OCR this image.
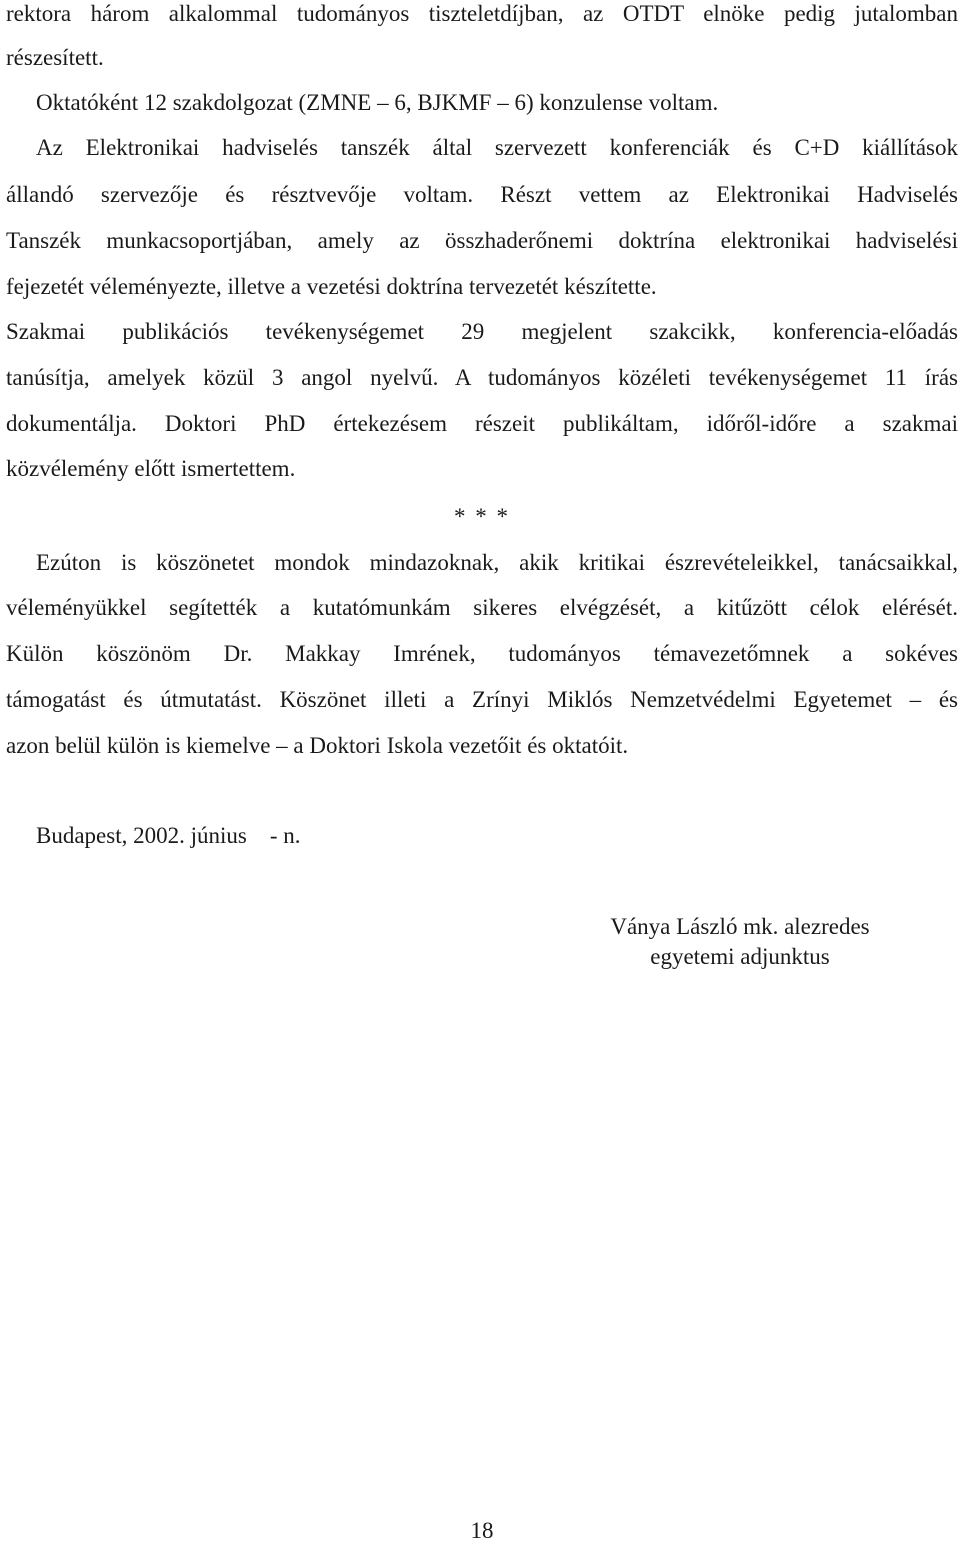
rektora három alkalommal tudományos tiszteletdíjban, az OTDT elnöke pedig jutalomban
részesített.
Oktatóként 12 szakdolgozat (ZMNE – 6, BJKMF – 6) konzulense voltam.
Az Elektronikai hadviselés tanszék által szervezett konferenciák és C+D kiállítások
állandó szervezője és résztvevője voltam. Részt vettem az Elektronikai Hadviselés
Tanszék munkacsoportjában, amely az összhaderőnemi doktrína elektronikai hadviselési
fejezetét véleményezte, illetve a vezetési doktrína tervezetét készítette.
Szakmai publikációs tevékenységemet 29 megjelent szakcikk, konferencia-előadás
tanúsítja, amelyek közül 3 angol nyelvű. A tudományos közéleti tevékenységemet 11 írás
dokumentálja. Doktori PhD értekezésem részeit publikáltam, időről-időre a szakmai
közvélemény előtt ismertettem.
* * *
Ezúton is köszönetet mondok mindazoknak, akik kritikai észrevételeikkel, tanácsaikkal,
véleményükkel segítették a kutatómunkám sikeres elvégzését, a kitűzött célok elérését.
Külön köszönöm Dr. Makkay Imrének, tudományos témavezetőmnek a sokéves
támogatást és útmutatást. Köszönet illeti a Zrínyi Miklós Nemzetvédelmi Egyetemet – és
azon belül külön is kiemelve – a Doktori Iskola vezetőit és oktatóit.
Budapest, 2002. június    - n.
Ványa László mk. alezredes
egyetemi adjunktus
18
